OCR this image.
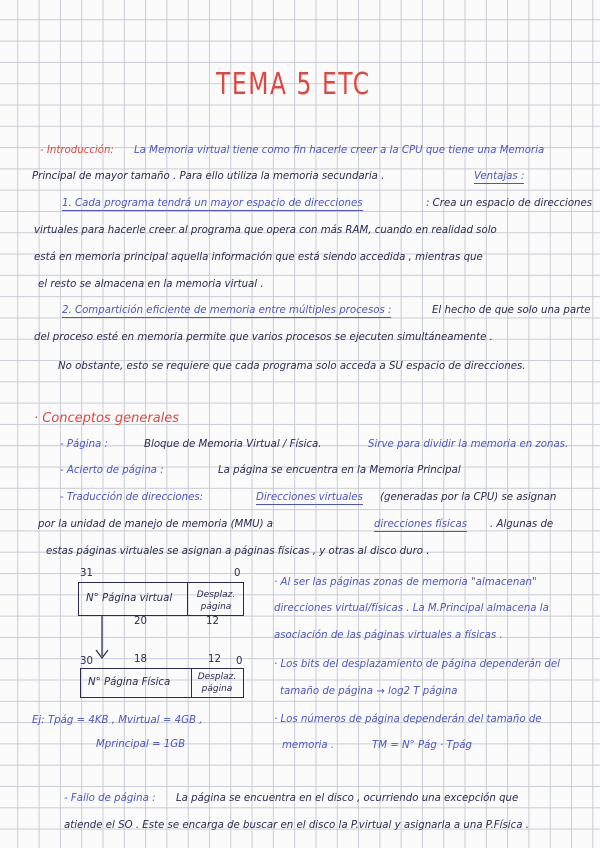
TEMA 5 ETC
- Introducción: La Memoria virtual tiene como fin hacerle creer a la CPU que tiene una Memoria
Principal de mayor tamaño . Para ello utiliza la memoria secundaria .	Ventajas :
1. Cada programa tendrá un mayor espacio de direcciones	: Crea un espacio de direcciones
virtuales para hacerle creer al programa que opera con más RAM, cuando en realidad solo
está en memoria principal aquella información que está siendo accedida , mientras que
el resto se almacena en la memoria virtual .
2. Compartición eficiente de memoria entre múltiples procesos :	El hecho de que solo una parte
del proceso esté en memoria permite que varios procesos se ejecuten simultáneamente .
No obstante, esto se requiere que cada programa solo acceda a SU espacio de direcciones.
· Conceptos generales
- Página :	Bloque de Memoria Virtual / Física.	Sirve para dividir la memoria en zonas.
- Acierto de página :	La página se encuentra en la Memoria Principal
- Traducción de direcciones:	Direcciones virtuales (generadas por la CPU) se asignan
por la unidad de manejo de memoria (MMU) a	direcciones físicas . Algunas de
estas páginas virtuales se asignan a páginas físicas , y otras al disco duro .
31	0
N° Página virtual	Desplaz. página
20	12
30	18	12 0
N° Página Física	Desplaz. página
· Al ser las páginas zonas de memoria "almacenan"
direcciones virtual/físicas . La M.Principal almacena la
asociación de las páginas virtuales a físicas .
· Los bits del desplazamiento de página dependerán del
tamaño de página → log2 T página
· Los números de página dependerán del tamaño de
memoria .	TM = N° Pág · Tpág
Ej: Tpág = 4KB , Mvirtual = 4GB ,
Mprincipal = 1GB
- Fallo de página : La página se encuentra en el disco , ocurriendo una excepción que
atiende el SO . Este se encarga de buscar en el disco la P.virtual y asignarla a una P.Física .
